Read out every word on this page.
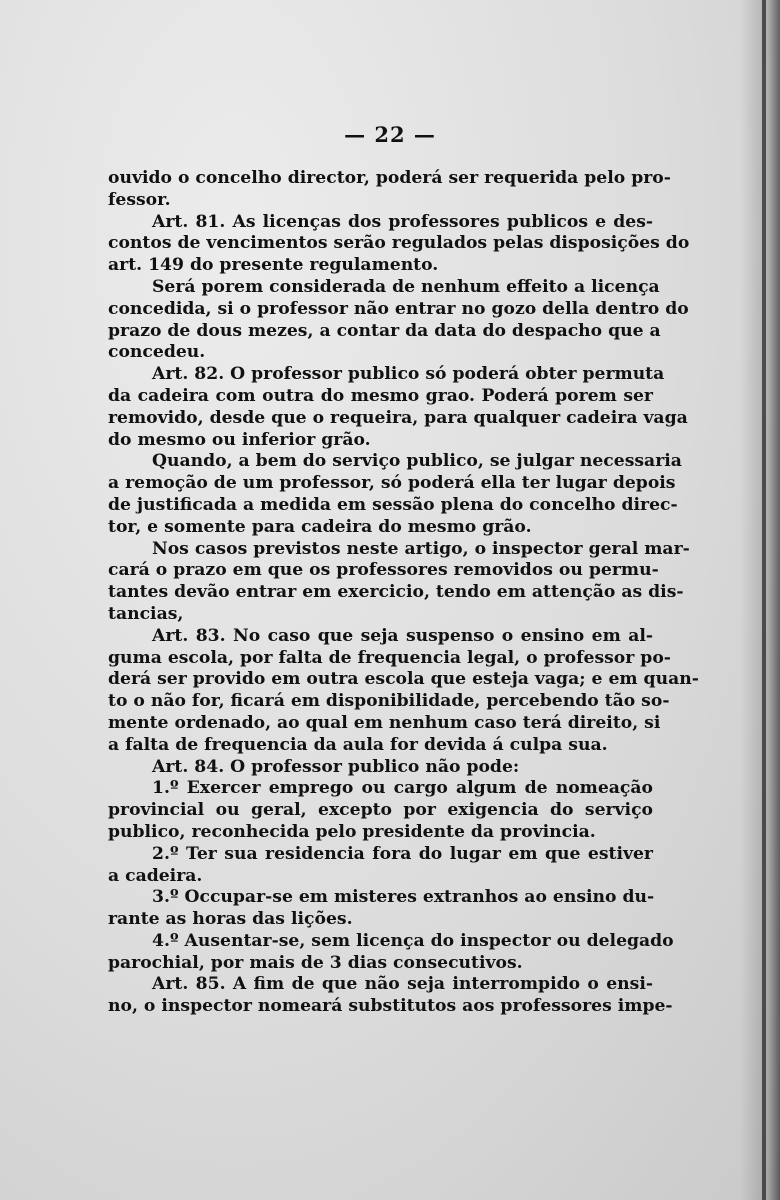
— 22 —
ouvido o concelho director, poderá ser requerida pelo pro-
fessor.
Art. 81. As licenças dos professores publicos e des-
contos de vencimentos serão regulados pelas disposições do
art. 149 do presente regulamento.
Será porem considerada de nenhum effeito a licença
concedida, si o professor não entrar no gozo della dentro do
prazo de dous mezes, a contar da data do despacho que a
concedeu.
Art. 82. O professor publico só poderá obter permuta
da cadeira com outra do mesmo grao. Poderá porem ser
removido, desde que o requeira, para qualquer cadeira vaga
do mesmo ou inferior grão.
Quando, a bem do serviço publico, se julgar necessaria
a remoção de um professor, só poderá ella ter lugar depois
de justificada a medida em sessão plena do concelho direc-
tor, e somente para cadeira do mesmo grão.
Nos casos previstos neste artigo, o inspector geral mar-
cará o prazo em que os professores removidos ou permu-
tantes devão entrar em exercicio, tendo em attenção as dis-
tancias,
Art. 83. No caso que seja suspenso o ensino em al-
guma escola, por falta de frequencia legal, o professor po-
derá ser provido em outra escola que esteja vaga; e em quan-
to o não for, ficará em disponibilidade, percebendo tão so-
mente ordenado, ao qual em nenhum caso terá direito, si
a falta de frequencia da aula for devida á culpa sua.
Art. 84. O professor publico não pode:
1.º Exercer emprego ou cargo algum de nomeação
provincial ou geral, excepto por exigencia do serviço
publico, reconhecida pelo presidente da provincia.
2.º Ter sua residencia fora do lugar em que estiver
a cadeira.
3.º Occupar-se em misteres extranhos ao ensino du-
rante as horas das lições.
4.º Ausentar-se, sem licença do inspector ou delegado
parochial, por mais de 3 dias consecutivos.
Art. 85. A fim de que não seja interrompido o ensi-
no, o inspector nomeará substitutos aos professores impe-
